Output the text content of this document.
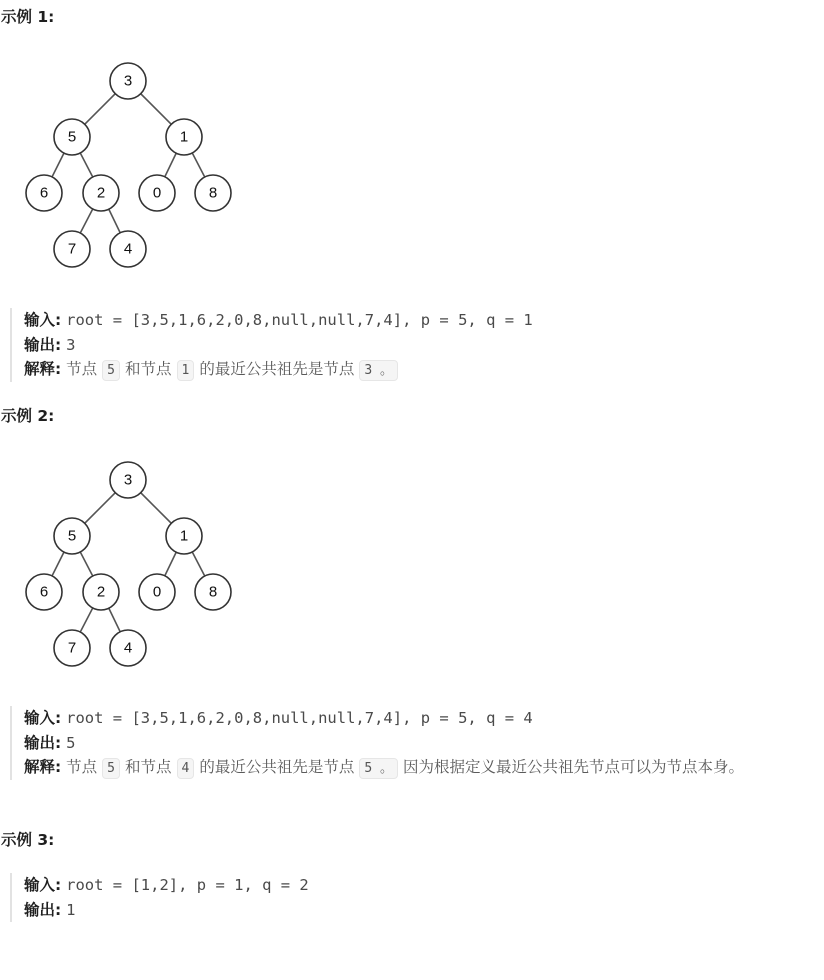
示例 1:
3
5	1
6	2	0	8
7	4
输入: root = [3,5,1,6,2,0,8,null,null,7,4], p = 5, q = 1
输出: 3
解释: 节点 5 和节点 1 的最近公共祖先是节点 3 。
示例 2:
3
5	1
6	2	0	8
7	4
输入: root = [3,5,1,6,2,0,8,null,null,7,4], p = 5, q = 4
输出: 5
解释: 节点 5 和节点 4 的最近公共祖先是节点 5 。 因为根据定义最近公共祖先节点可以为节点本身。
示例 3:
输入: root = [1,2], p = 1, q = 2
输出: 1
